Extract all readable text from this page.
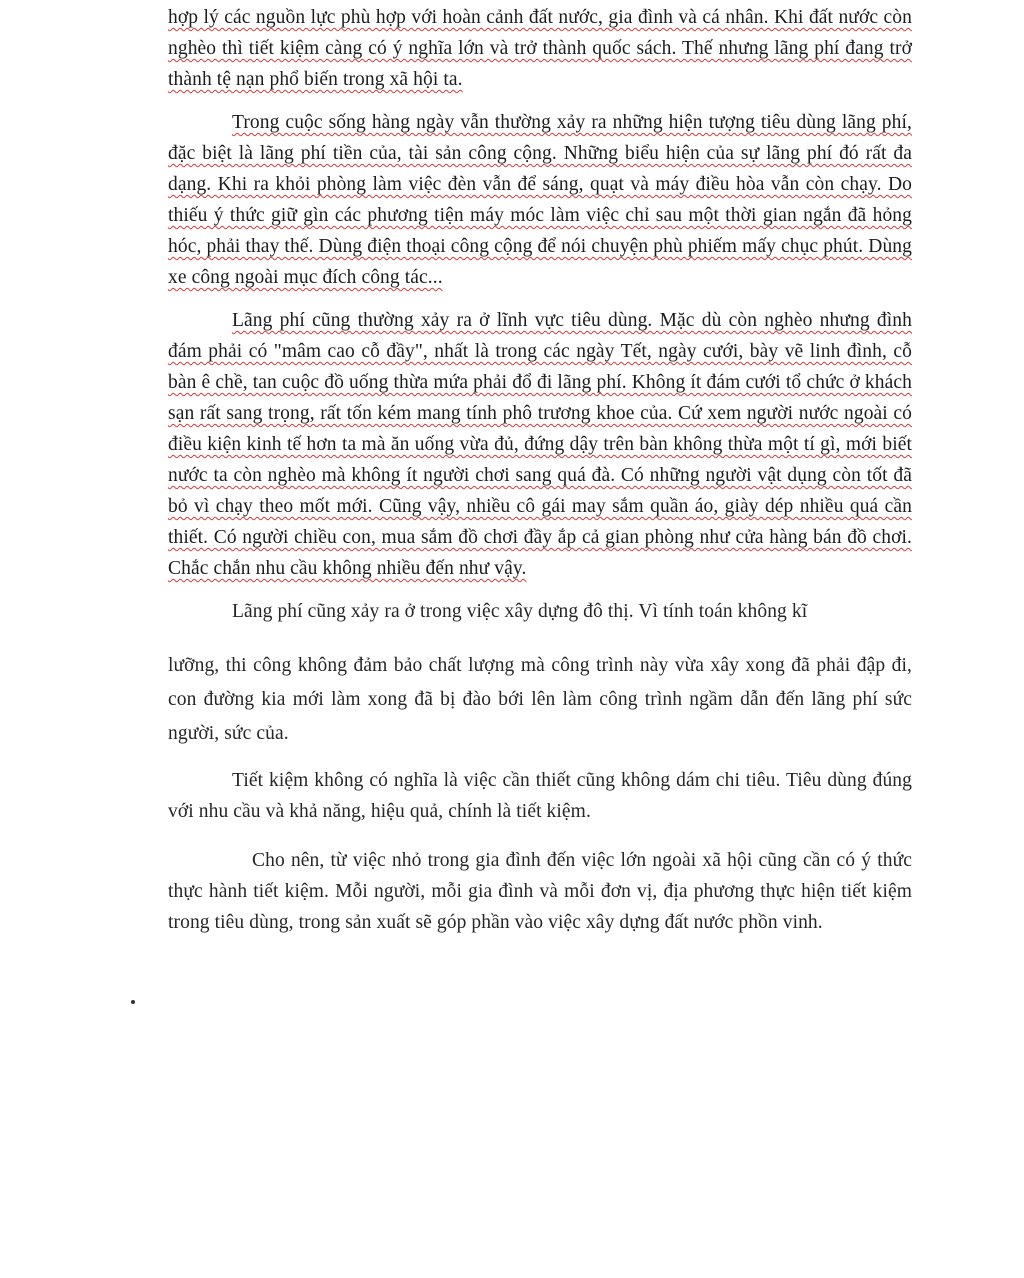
hợp lý các nguồn lực phù hợp với hoàn cảnh đất nước, gia đình và cá nhân. Khi đất nước còn nghèo thì tiết kiệm càng có ý nghĩa lớn và trở thành quốc sách. Thế nhưng lãng phí đang trở thành tệ nạn phổ biến trong xã hội ta.

Trong cuộc sống hàng ngày vẫn thường xảy ra những hiện tượng tiêu dùng lãng phí, đặc biệt là lãng phí tiền của, tài sản công cộng. Những biểu hiện của sự lãng phí đó rất đa dạng. Khi ra khỏi phòng làm việc đèn vẫn để sáng, quạt và máy điều hòa vẫn còn chạy. Do thiếu ý thức giữ gìn các phương tiện máy móc làm việc chỉ sau một thời gian ngắn đã hỏng hóc, phải thay thế. Dùng điện thoại công cộng để nói chuyện phù phiếm mấy chục phút. Dùng xe công ngoài mục đích công tác...

Lãng phí cũng thường xảy ra ở lĩnh vực tiêu dùng. Mặc dù còn nghèo nhưng đình đám phải có "mâm cao cỗ đầy", nhất là trong các ngày Tết, ngày cưới, bày vẽ linh đình, cỗ bàn ê chề, tan cuộc đồ uống thừa mứa phải đổ đi lãng phí. Không ít đám cưới tổ chức ở khách sạn rất sang trọng, rất tốn kém mang tính phô trương khoe của. Cứ xem người nước ngoài có điều kiện kinh tế hơn ta mà ăn uống vừa đủ, đứng dậy trên bàn không thừa một tí gì, mới biết nước ta còn nghèo mà không ít người chơi sang quá đà. Có những người vật dụng còn tốt đã bỏ vì chạy theo mốt mới. Cũng vậy, nhiều cô gái may sắm quần áo, giày dép nhiều quá cần thiết. Có người chiều con, mua sắm đồ chơi đầy ắp cả gian phòng như cửa hàng bán đồ chơi. Chắc chắn nhu cầu không nhiều đến như vậy.

Lãng phí cũng xảy ra ở trong việc xây dựng đô thị. Vì tính toán không kĩ

lưỡng, thi công không đảm bảo chất lượng mà công trình này vừa xây xong đã phải đập đi, con đường kia mới làm xong đã bị đào bới lên làm công trình ngầm dẫn đến lãng phí sức người, sức của.

Tiết kiệm không có nghĩa là việc cần thiết cũng không dám chi tiêu. Tiêu dùng đúng với nhu cầu và khả năng, hiệu quả, chính là tiết kiệm.

Cho nên, từ việc nhỏ trong gia đình đến việc lớn ngoài xã hội cũng cần có ý thức thực hành tiết kiệm. Mỗi người, mỗi gia đình và mỗi đơn vị, địa phương thực hiện tiết kiệm trong tiêu dùng, trong sản xuất sẽ góp phần vào việc xây dựng đất nước phồn vinh.
